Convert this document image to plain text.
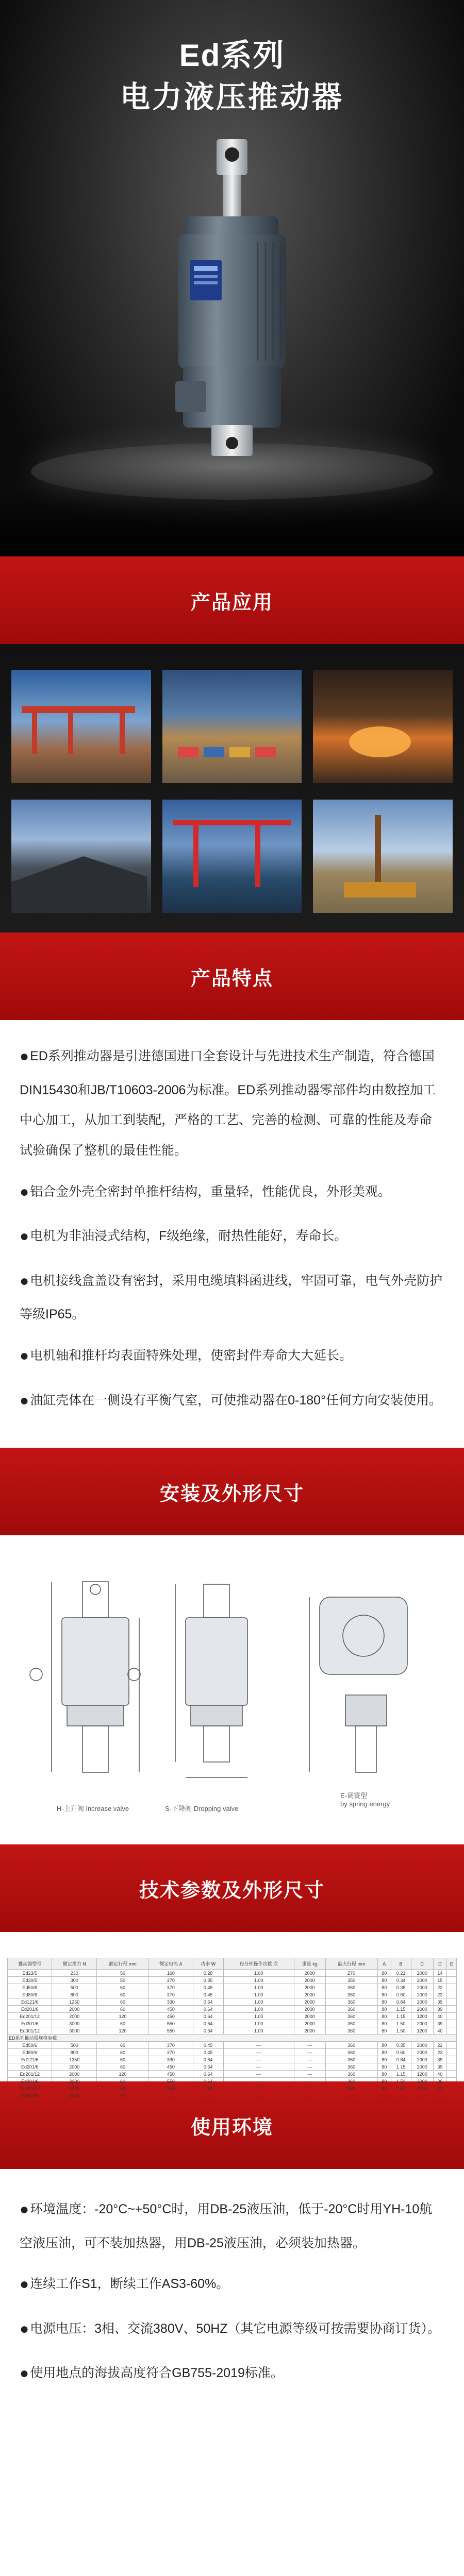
Ed系列
电力液压推动器
产品应用
产品特点

●ED系列推动器是引进德国进口全套设计与先进技术生产制造，符合德国DIN15430和JB/T10603-2006为标准。ED系列推动器零部件均由数控加工中心加工，从加工到装配，严格的工艺、完善的检测、可靠的性能及寿命试验确保了整机的最佳性能。

●铝合金外壳全密封单推杆结构，重量轻，性能优良，外形美观。

●电机为非油浸式结构，F级绝缘，耐热性能好，寿命长。

●电机接线盒盖设有密封，采用电缆填料函进线，牢固可靠，电气外壳防护等级IP65。

●电机轴和推杆均表面特殊处理，使密封件寿命大大延长。

●油缸壳体在一侧设有平衡气室，可使推动器在0-180°任何方向安装使用。

安装及外形尺寸
H-上升阀 Increase valve	S-下降阀 Dropping valve
E-调簧型
by spring energy
技术参数及外形尺寸
推动器型号	额定推力 N	额定行程 mm	额定电流 A	功率 W	每分钟操作次数 次	重量 kg	最大行程 mm	A	B	C	D	E
Ed23/5	230	50	160	0.28	1.00	2000	270	80	0.21	2000	14	
Ed30/5	300	50	270	0.35	1.00	2000	350	80	0.34	2000	15	
Ed50/6	500	60	370	0.45	1.00	2000	360	80	0.35	2000	22	
Ed80/6	800	60	370	0.45	1.00	2000	360	80	0.60	2000	23	
Ed121/6	1250	60	330	0.64	1.00	2000	360	80	0.84	2000	39	
Ed201/6	2000	60	450	0.64	1.00	2000	360	80	1.15	2000	39	
Ed201/12	2000	120	450	0.64	1.00	2000	360	80	1.15	1200	40	
Ed301/6	3000	60	550	0.64	1.00	2000	360	80	1.50	2000	39	
Ed301/12	3000	120	550	0.64	1.00	2000	360	80	1.50	1200	40	
ED系列推动器规格参数												
Ed50/6	500	60	370	0.45	—	—	360	80	0.35	2000	22	
Ed80/6	800	60	370	0.45	—	—	360	80	0.60	2000	23	
Ed121/6	1250	60	330	0.64	—	—	360	80	0.84	2000	39	
Ed201/6	2000	60	450	0.64	—	—	360	80	1.15	2000	39	
Ed201/12	2000	120	450	0.64	—	—	360	80	1.15	1200	40	
Ed301/6	3000	60	550	0.64	—	—	360	80	1.50	2000	39	
Ed301/12	3000	120	550	0.64	—	—	360	80	1.50	1200	40	
Ed500/6	5000	60	—	—	—	—	—	—	—	—	—	
使用环境

●环境温度：-20°C~+50°C时，用DB-25液压油，低于-20°C时用YH-10航空液压油，可不装加热器，用DB-25液压油，必须装加热器。

●连续工作S1，断续工作AS3-60%。

●电源电压：3相、交流380V、50HZ（其它电源等级可按需要协商订货）。

●使用地点的海拔高度符合GB755-2019标准。
